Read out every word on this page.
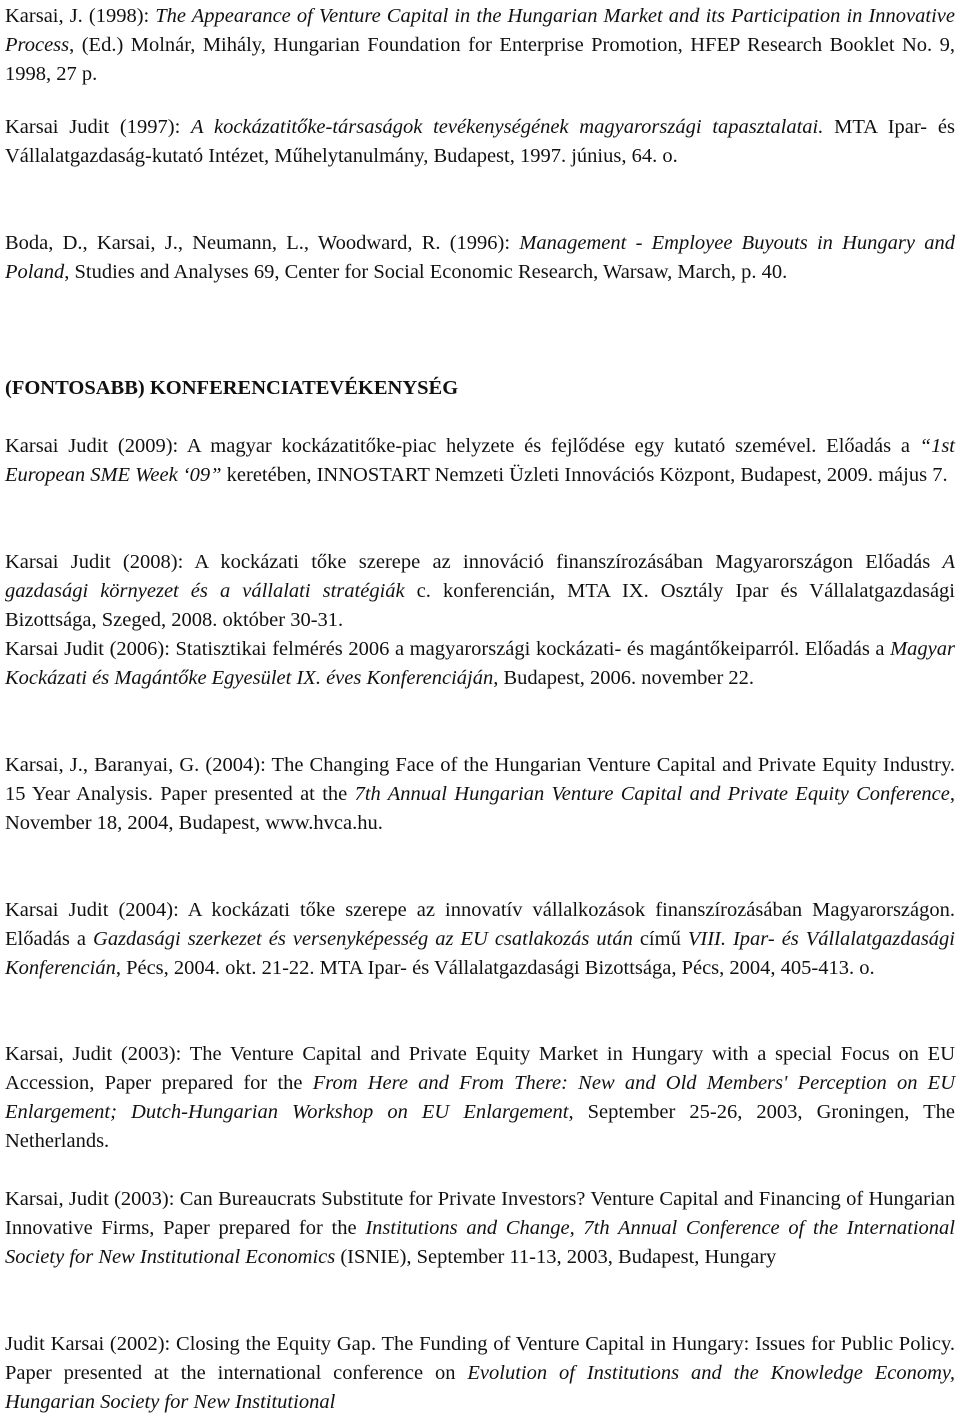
Karsai, J. (1998): The Appearance of Venture Capital in the Hungarian Market and its Participation in Innovative Process, (Ed.) Molnár, Mihály, Hungarian Foundation for Enterprise Promotion, HFEP Research Booklet No. 9, 1998, 27 p.

Karsai Judit (1997): A kockázatitőke-társaságok tevékenységének magyarországi tapasztalatai. MTA Ipar- és Vállalatgazdaság-kutató Intézet, Műhelytanulmány, Budapest, 1997. június, 64. o.

Boda, D., Karsai, J., Neumann, L., Woodward, R. (1996): Management - Employee Buyouts in Hungary and Poland, Studies and Analyses 69, Center for Social Economic Research, Warsaw, March, p. 40.

(FONTOSABB) KONFERENCIATEVÉKENYSÉG

Karsai Judit (2009): A magyar kockázatitőke-piac helyzete és fejlődése egy kutató szemével. Előadás a “1st European SME Week ‘09” keretében, INNOSTART Nemzeti Üzleti Innovációs Központ, Budapest, 2009. május 7.

Karsai Judit (2008): A kockázati tőke szerepe az innováció finanszírozásában Magyarországon Előadás A gazdasági környezet és a vállalati stratégiák c. konferencián, MTA IX. Osztály Ipar és Vállalatgazdasági Bizottsága, Szeged, 2008. október 30-31.

Karsai Judit (2006): Statisztikai felmérés 2006 a magyarországi kockázati- és magántőkeiparról. Előadás a Magyar Kockázati és Magántőke Egyesület IX. éves Konferenciáján, Budapest, 2006. november 22.

Karsai, J., Baranyai, G. (2004): The Changing Face of the Hungarian Venture Capital and Private Equity Industry. 15 Year Analysis. Paper presented at the 7th Annual Hungarian Venture Capital and Private Equity Conference, November 18, 2004, Budapest, www.hvca.hu.

Karsai Judit (2004): A kockázati tőke szerepe az innovatív vállalkozások finanszírozásában Magyarországon. Előadás a Gazdasági szerkezet és versenyképesség az EU csatlakozás után című VIII. Ipar- és Vállalatgazdasági Konferencián, Pécs, 2004. okt. 21-22. MTA Ipar- és Vállalatgazdasági Bizottsága, Pécs, 2004, 405-413. o.

Karsai, Judit (2003): The Venture Capital and Private Equity Market in Hungary with a special Focus on EU Accession, Paper prepared for the From Here and From There: New and Old Members' Perception on EU Enlargement; Dutch-Hungarian Workshop on EU Enlargement, September 25-26, 2003, Groningen, The Netherlands.

Karsai, Judit (2003): Can Bureaucrats Substitute for Private Investors? Venture Capital and Financing of Hungarian Innovative Firms, Paper prepared for the Institutions and Change, 7th Annual Conference of the International Society for New Institutional Economics (ISNIE), September 11-13, 2003, Budapest, Hungary

Judit Karsai (2002): Closing the Equity Gap. The Funding of Venture Capital in Hungary: Issues for Public Policy. Paper presented at the international conference on Evolution of Institutions and the Knowledge Economy, Hungarian Society for New Institutional
